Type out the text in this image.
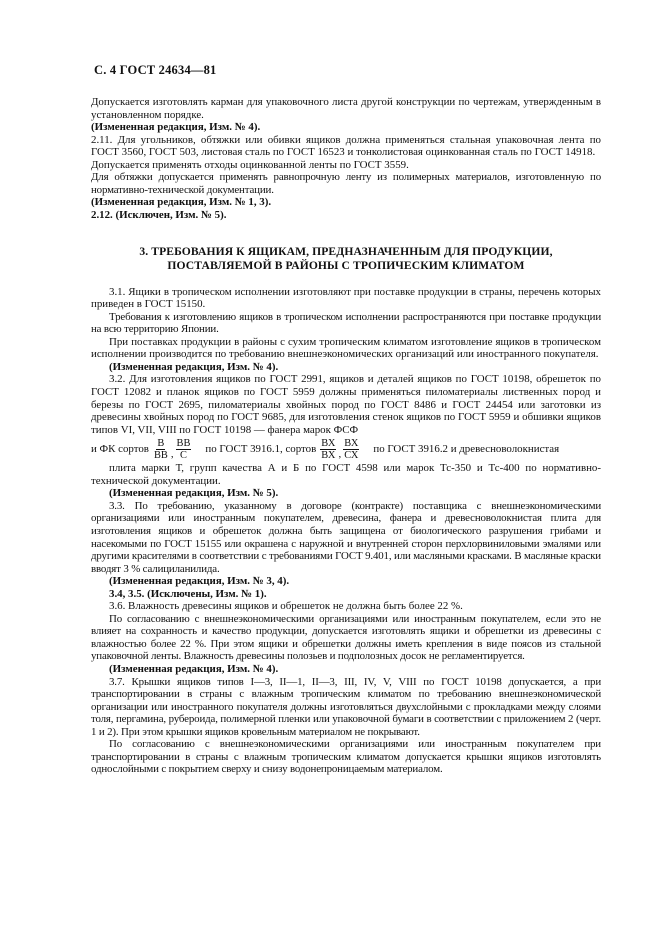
С. 4 ГОСТ 24634—81

Допускается изготовлять карман для упаковочного листа другой конструкции по чертежам, утвержденным в установленном порядке.

(Измененная редакция, Изм. № 4).

2.11. Для угольников, обтяжки или обивки ящиков должна применяться стальная упаковочная лента по ГОСТ 3560, ГОСТ 503, листовая сталь по ГОСТ 16523 и тонколистовая оцинкованная сталь по ГОСТ 14918.

Допускается применять отходы оцинкованной ленты по ГОСТ 3559.

Для обтяжки допускается применять равнопрочную ленту из полимерных материалов, изготовленную по нормативно-технической документации.

(Измененная редакция, Изм. № 1, 3).

2.12. (Исключен, Изм. № 5).

3. ТРЕБОВАНИЯ К ЯЩИКАМ, ПРЕДНАЗНАЧЕННЫМ ДЛЯ ПРОДУКЦИИ,
ПОСТАВЛЯЕМОЙ В РАЙОНЫ С ТРОПИЧЕСКИМ КЛИМАТОМ

3.1. Ящики в тропическом исполнении изготовляют при поставке продукции в страны, перечень которых приведен в ГОСТ 15150.

Требования к изготовлению ящиков в тропическом исполнении распространяются при поставке продукции на всю территорию Японии.

При поставках продукции в районы с сухим тропическим климатом изготовление ящиков в тропическом исполнении производится по требованию внешнеэкономических организаций или иностранного покупателя.

(Измененная редакция, Изм. № 4).

3.2. Для изготовления ящиков по ГОСТ 2991, ящиков и деталей ящиков по ГОСТ 10198, обрешеток по ГОСТ 12082 и планок ящиков по ГОСТ 5959 должны применяться пиломатериалы лиственных пород и березы по ГОСТ 2695, пиломатериалы хвойных пород по ГОСТ 8486 и ГОСТ 24454 или заготовки из древесины хвойных пород по ГОСТ 9685, для изготовления стенок ящиков по ГОСТ 5959 и обшивки ящиков типов VI, VII, VIII по ГОСТ 10198 — фанера марок ФСФ

и ФК сортов $\frac{В}{ВВ}$ , $\frac{ВВ}{С}$ по ГОСТ 3916.1, сортов $\frac{ВХ}{ВХ}$ , $\frac{ВХ}{СХ}$ по ГОСТ 3916.2 и древесноволокнистая

плита марки Т, групп качества А и Б по ГОСТ 4598 или марок Тс-350 и Тс-400 по нормативно-технической документации.

(Измененная редакция, Изм. № 5).

3.3. По требованию, указанному в договоре (контракте) поставщика с внешнеэкономическими организациями или иностранным покупателем, древесина, фанера и древесноволокнистая плита для изготовления ящиков и обрешеток должна быть защищена от биологического разрушения грибами и насекомыми по ГОСТ 15155 или окрашена с наружной и внутренней сторон перхлорвиниловыми эмалями или другими красителями в соответствии с требованиями ГОСТ 9.401, или масляными красками. В масляные краски вводят 3 % салициланилида.

(Измененная редакция, Изм. № 3, 4).

3.4, 3.5. (Исключены, Изм. № 1).

3.6. Влажность древесины ящиков и обрешеток не должна быть более 22 %.

По согласованию с внешнеэкономическими организациями или иностранным покупателем, если это не влияет на сохранность и качество продукции, допускается изготовлять ящики и обрешетки из древесины с влажностью более 22 %. При этом ящики и обрешетки должны иметь крепления в виде поясов из стальной упаковочной ленты. Влажность древесины полозьев и подполозных досок не регламентируется.

(Измененная редакция, Изм. № 4).

3.7. Крышки ящиков типов I—3, II—1, II—3, III, IV, V, VIII по ГОСТ 10198 допускается, а при транспортировании в страны с влажным тропическим климатом по требованию внешнеэкономической организации или иностранного покупателя должны изготовляться двухслойными с прокладками между слоями толя, пергамина, рубероида, полимерной пленки или упаковочной бумаги в соответствии с приложением 2 (черт. 1 и 2). При этом крышки ящиков кровельным материалом не покрывают.

По согласованию с внешнеэкономическими организациями или иностранным покупателем при транспортировании в страны с влажным тропическим климатом допускается крышки ящиков изготовлять однослойными с покрытием сверху и снизу водонепроницаемым материалом.
